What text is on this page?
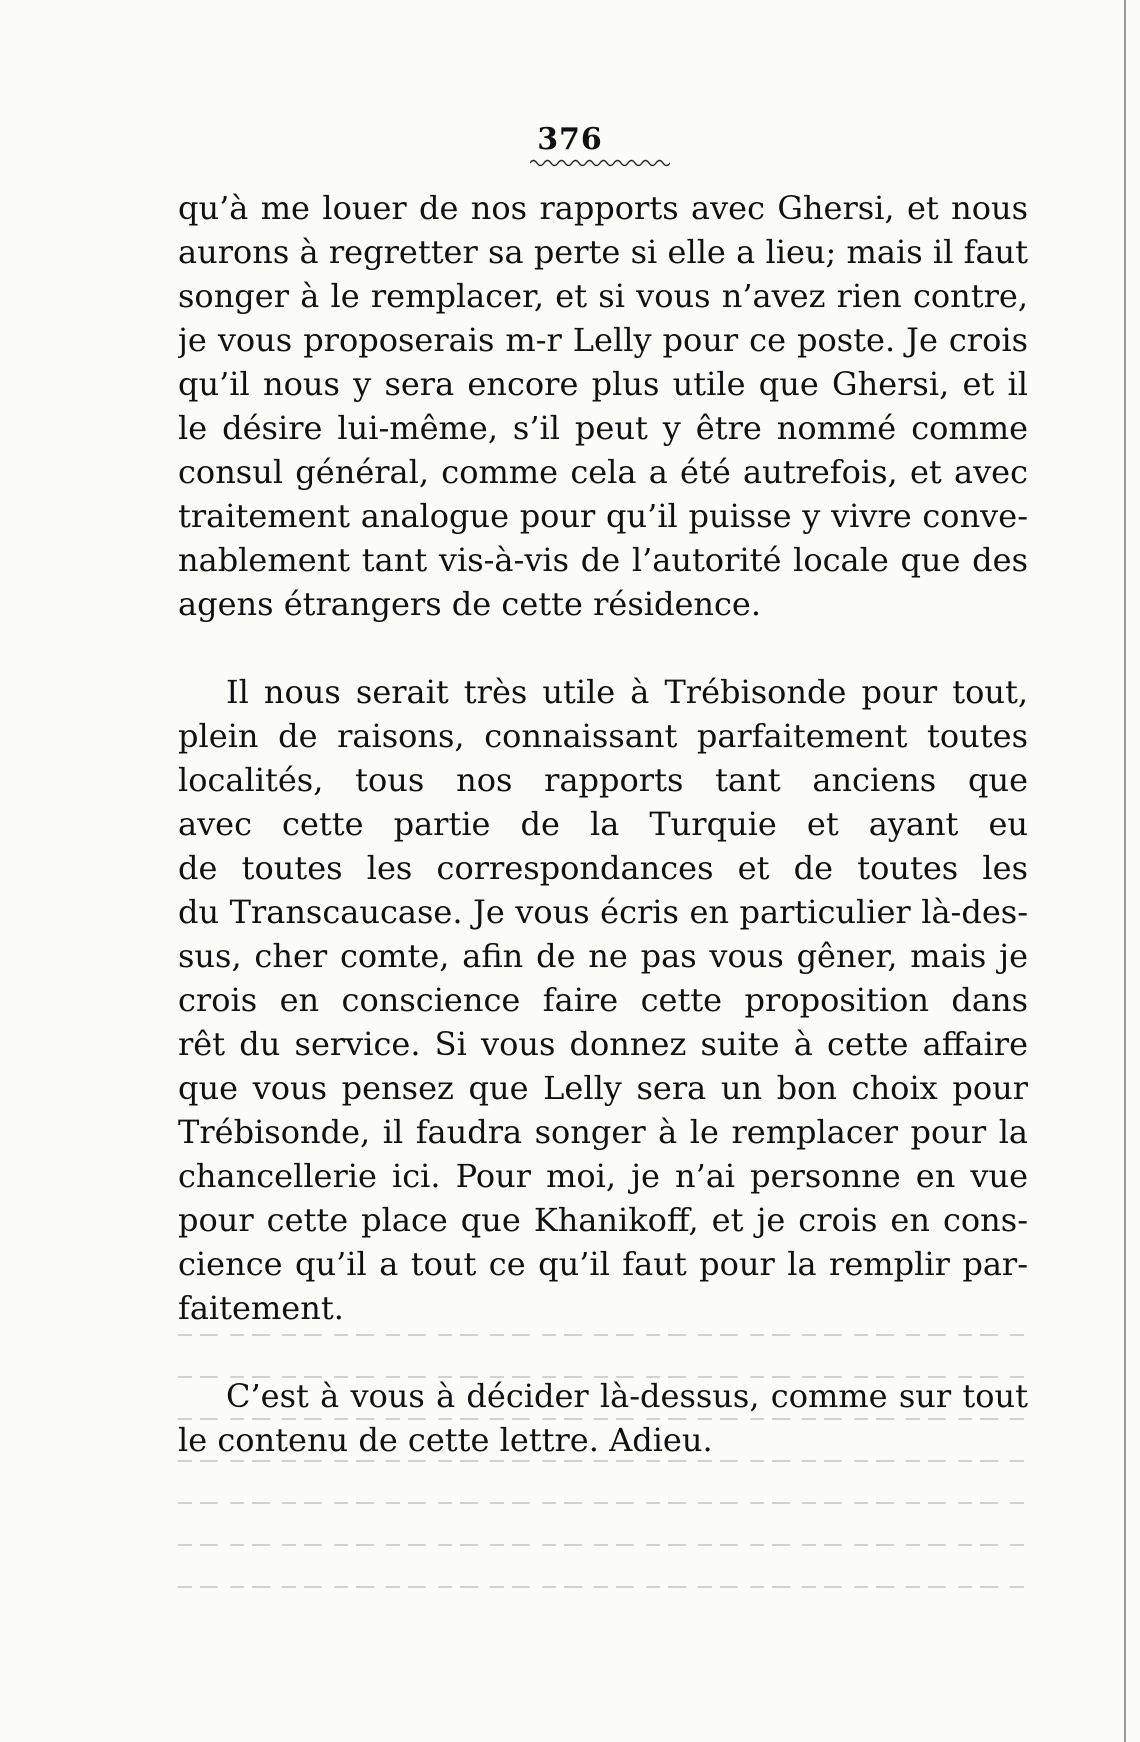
376
qu’à me louer de nos rapports avec Ghersi, et nous
aurons à regretter sa perte si elle a lieu; mais il faut
songer à le remplacer, et si vous n’avez rien contre,
je vous proposerais m-r Lelly pour ce poste. Je crois
qu’il nous y sera encore plus utile que Ghersi, et il
le désire lui-même, s’il peut y être nommé comme
consul général, comme cela a été autrefois, et avec
traitement analogue pour qu’il puisse y vivre conve-
nablement tant vis-à-vis de l’autorité locale que des
agens étrangers de cette résidence.
Il nous serait très utile à Trébisonde pour tout,
plein de raisons, connaissant parfaitement toutes
localités, tous nos rapports tant anciens que
avec cette partie de la Turquie et ayant eu
de toutes les correspondances et de toutes les
du Transcaucase. Je vous écris en particulier là-des-
sus, cher comte, afin de ne pas vous gêner, mais je
crois en conscience faire cette proposition dans
rêt du service. Si vous donnez suite à cette affaire
que vous pensez que Lelly sera un bon choix pour
Trébisonde, il faudra songer à le remplacer pour la
chancellerie ici. Pour moi, je n’ai personne en vue
pour cette place que Khanikoff, et je crois en cons-
cience qu’il a tout ce qu’il faut pour la remplir par-
faitement.
C’est à vous à décider là-dessus, comme sur tout
le contenu de cette lettre. Adieu.
